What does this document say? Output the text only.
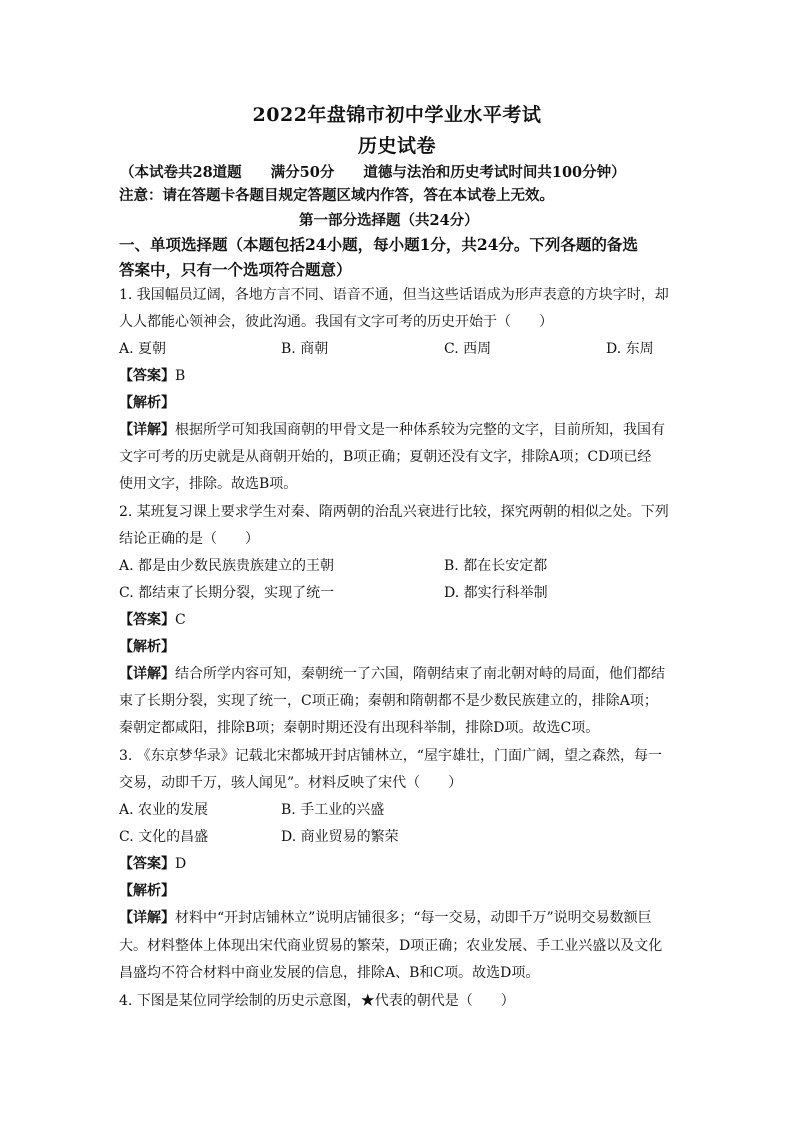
2022年盘锦市初中学业水平考试
历史试卷
（本试卷共28道题　　满分50分　　道德与法治和历史考试时间共100分钟）
注意：请在答题卡各题目规定答题区域内作答，答在本试卷上无效。
第一部分选择题（共24分）
一、单项选择题（本题包括24小题，每小题1分，共24分。下列各题的备选
答案中，只有一个选项符合题意）
1. 我国幅员辽阔，各地方言不同、语音不通，但当这些话语成为形声表意的方块字时，却
人人都能心领神会，彼此沟通。我国有文字可考的历史开始于（　　）
A. 夏朝	B. 商朝	C. 西周	D. 东周
【答案】B
【解析】
【详解】根据所学可知我国商朝的甲骨文是一种体系较为完整的文字，目前所知，我国有
文字可考的历史就是从商朝开始的，B项正确；夏朝还没有文字，排除A项；CD项已经
使用文字，排除。故选B项。
2. 某班复习课上要求学生对秦、隋两朝的治乱兴衰进行比较，探究两朝的相似之处。下列
结论正确的是（　　）
A. 都是由少数民族贵族建立的王朝	B. 都在长安定都
C. 都结束了长期分裂，实现了统一	D. 都实行科举制
【答案】C
【解析】
【详解】结合所学内容可知，秦朝统一了六国，隋朝结束了南北朝对峙的局面，他们都结
束了长期分裂，实现了统一，C项正确；秦朝和隋朝都不是少数民族建立的，排除A项；
秦朝定都咸阳，排除B项；秦朝时期还没有出现科举制，排除D项。故选C项。
3. 《东京梦华录》记载北宋都城开封店铺林立，“屋宇雄壮，门面广阔，望之森然，每一
交易，动即千万，骇人闻见”。材料反映了宋代（　　）
A. 农业的发展	B. 手工业的兴盛
C. 文化的昌盛	D. 商业贸易的繁荣
【答案】D
【解析】
【详解】材料中“开封店铺林立”说明店铺很多；“每一交易，动即千万”说明交易数额巨
大。材料整体上体现出宋代商业贸易的繁荣，D项正确；农业发展、手工业兴盛以及文化
昌盛均不符合材料中商业发展的信息，排除A、B和C项。故选D项。
4. 下图是某位同学绘制的历史示意图，★代表的朝代是（　　）
